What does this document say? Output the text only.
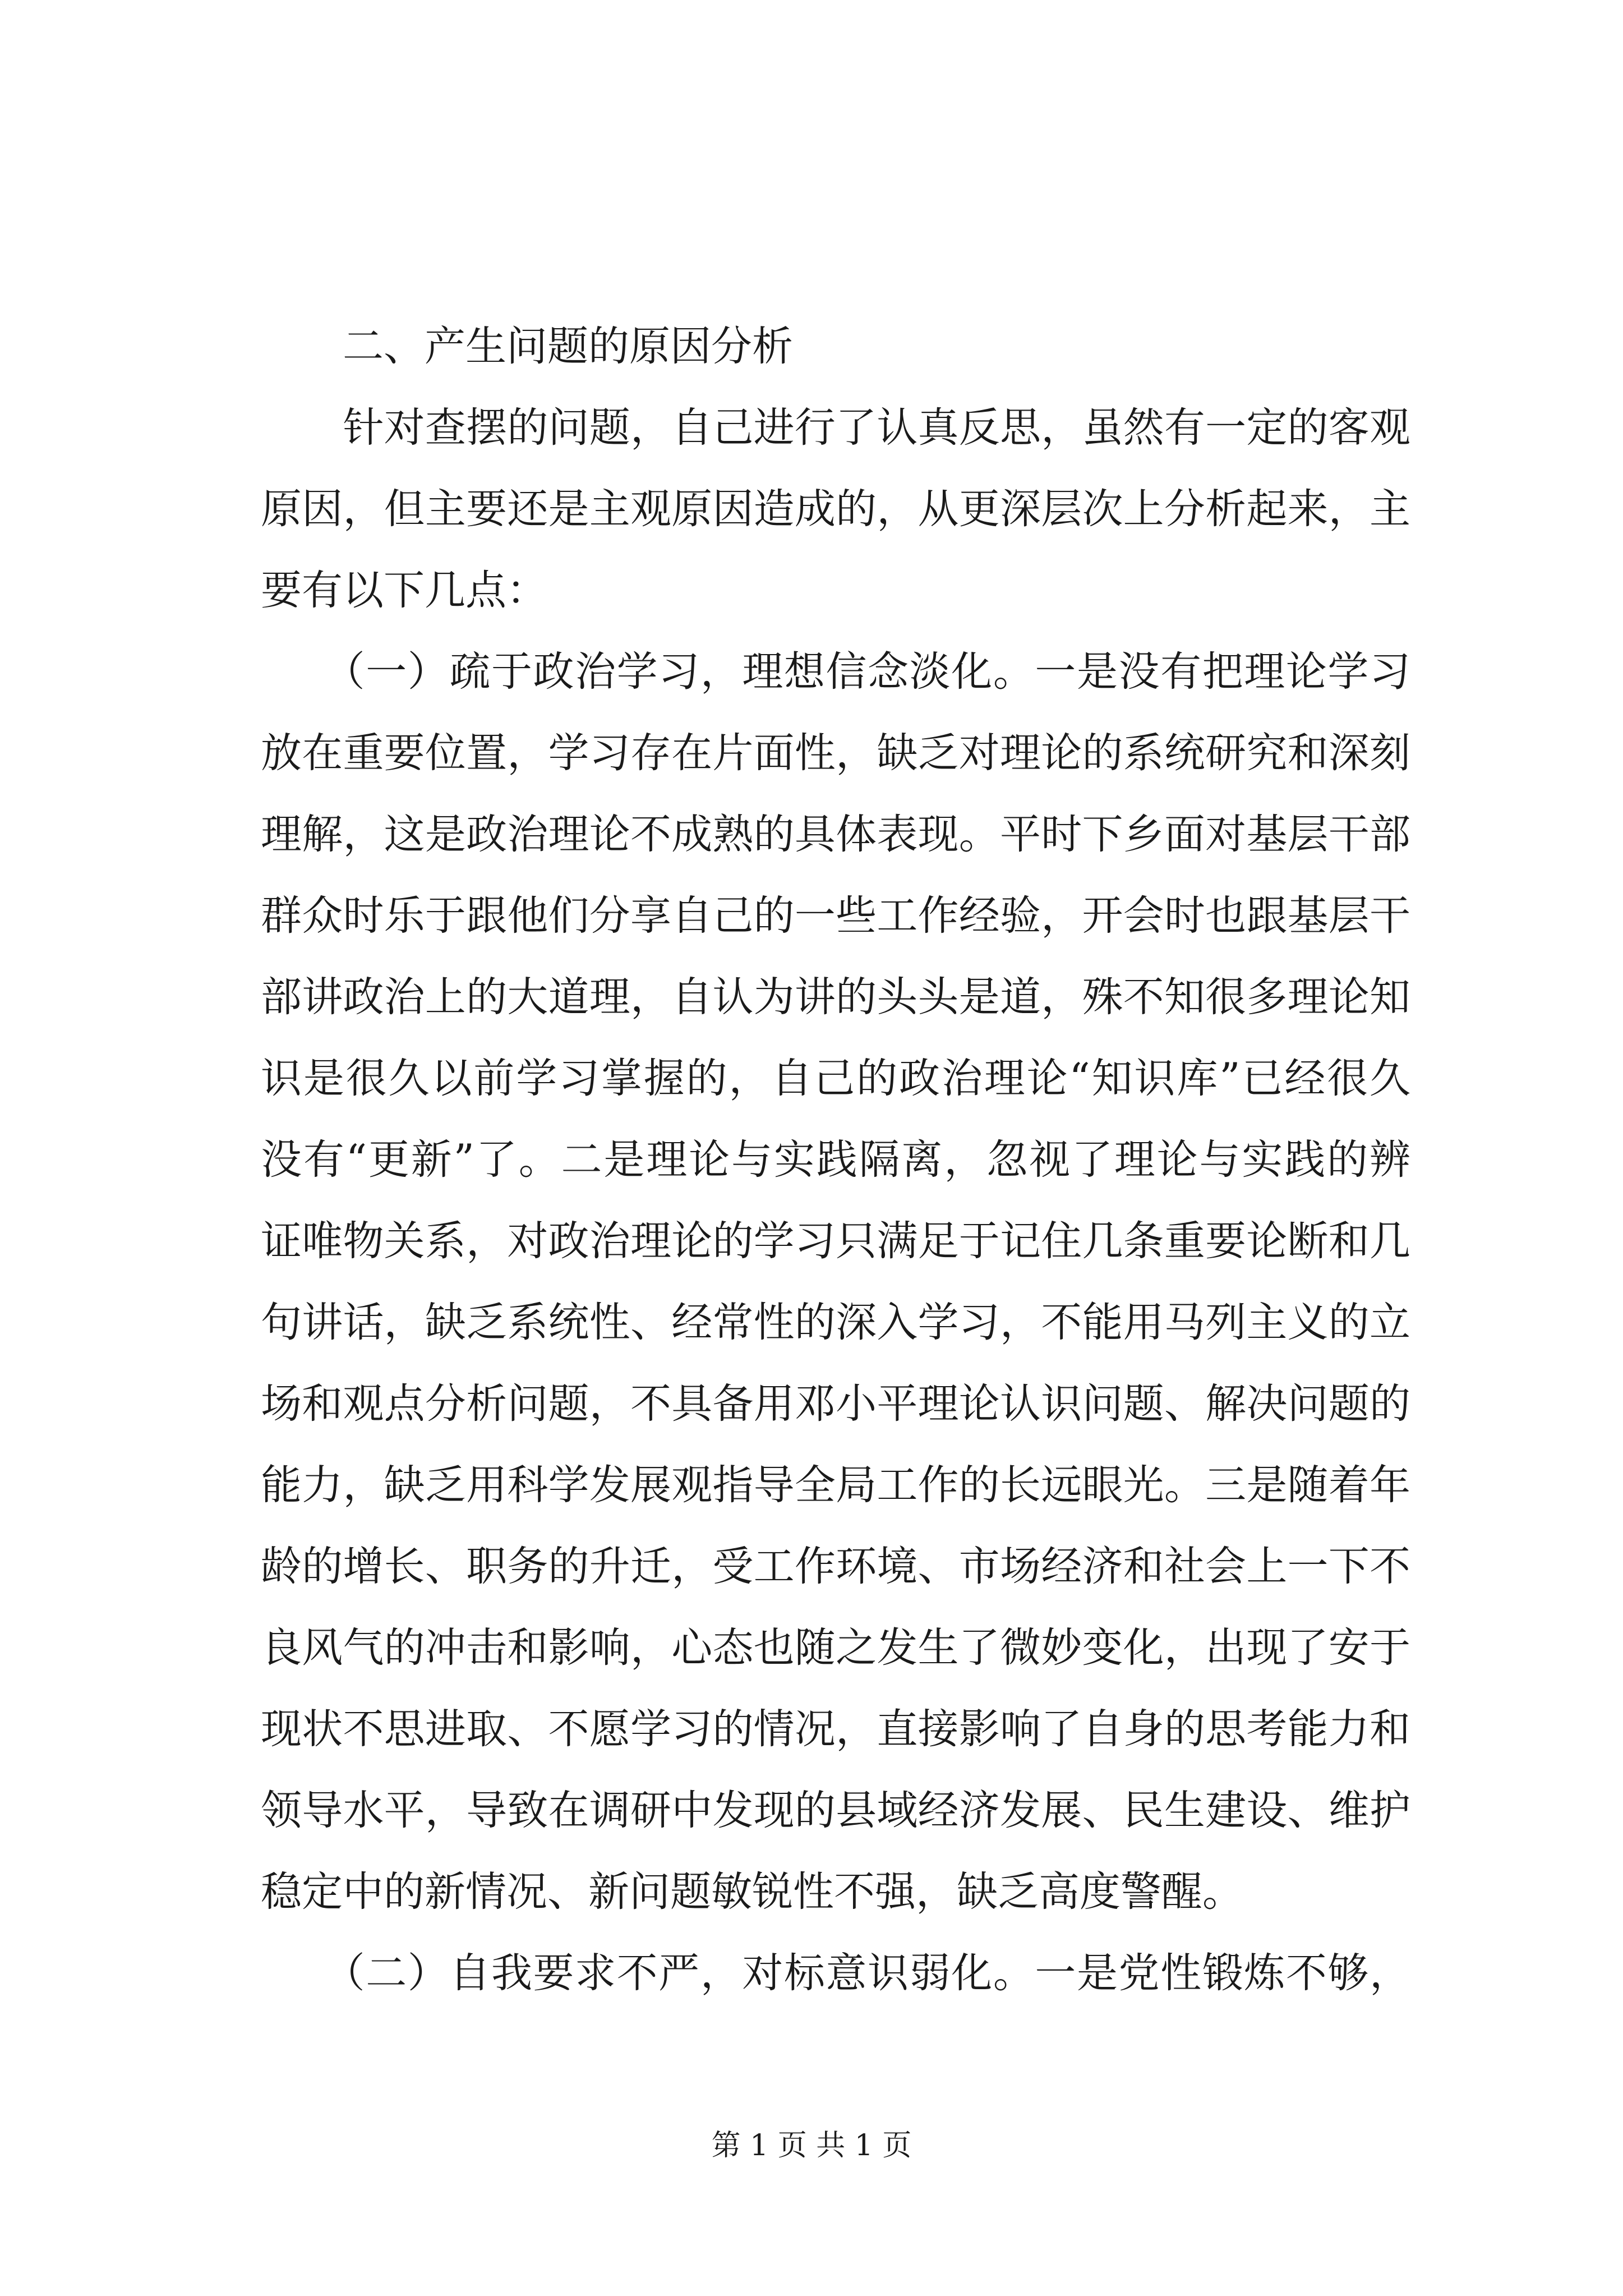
　　二、产生问题的原因分析
　　针对查摆的问题，自己进行了认真反思，虽然有一定的客观
原因，但主要还是主观原因造成的，从更深层次上分析起来，主
要有以下几点：
　　（一）疏于政治学习，理想信念淡化。一是没有把理论学习
放在重要位置，学习存在片面性，缺乏对理论的系统研究和深刻
理解，这是政治理论不成熟的具体表现。平时下乡面对基层干部
群众时乐于跟他们分享自己的一些工作经验，开会时也跟基层干
部讲政治上的大道理，自认为讲的头头是道，殊不知很多理论知
识是很久以前学习掌握的，自己的政治理论“知识库”已经很久
没有“更新”了。二是理论与实践隔离，忽视了理论与实践的辨
证唯物关系，对政治理论的学习只满足于记住几条重要论断和几
句讲话，缺乏系统性、经常性的深入学习，不能用马列主义的立
场和观点分析问题，不具备用邓小平理论认识问题、解决问题的
能力，缺乏用科学发展观指导全局工作的长远眼光。三是随着年
龄的增长、职务的升迁，受工作环境、市场经济和社会上一下不
良风气的冲击和影响，心态也随之发生了微妙变化，出现了安于
现状不思进取、不愿学习的情况，直接影响了自身的思考能力和
领导水平，导致在调研中发现的县域经济发展、民生建设、维护
稳定中的新情况、新问题敏锐性不强，缺乏高度警醒。
　　（二）自我要求不严，对标意识弱化。一是党性锻炼不够，
第 1 页 共 1 页
